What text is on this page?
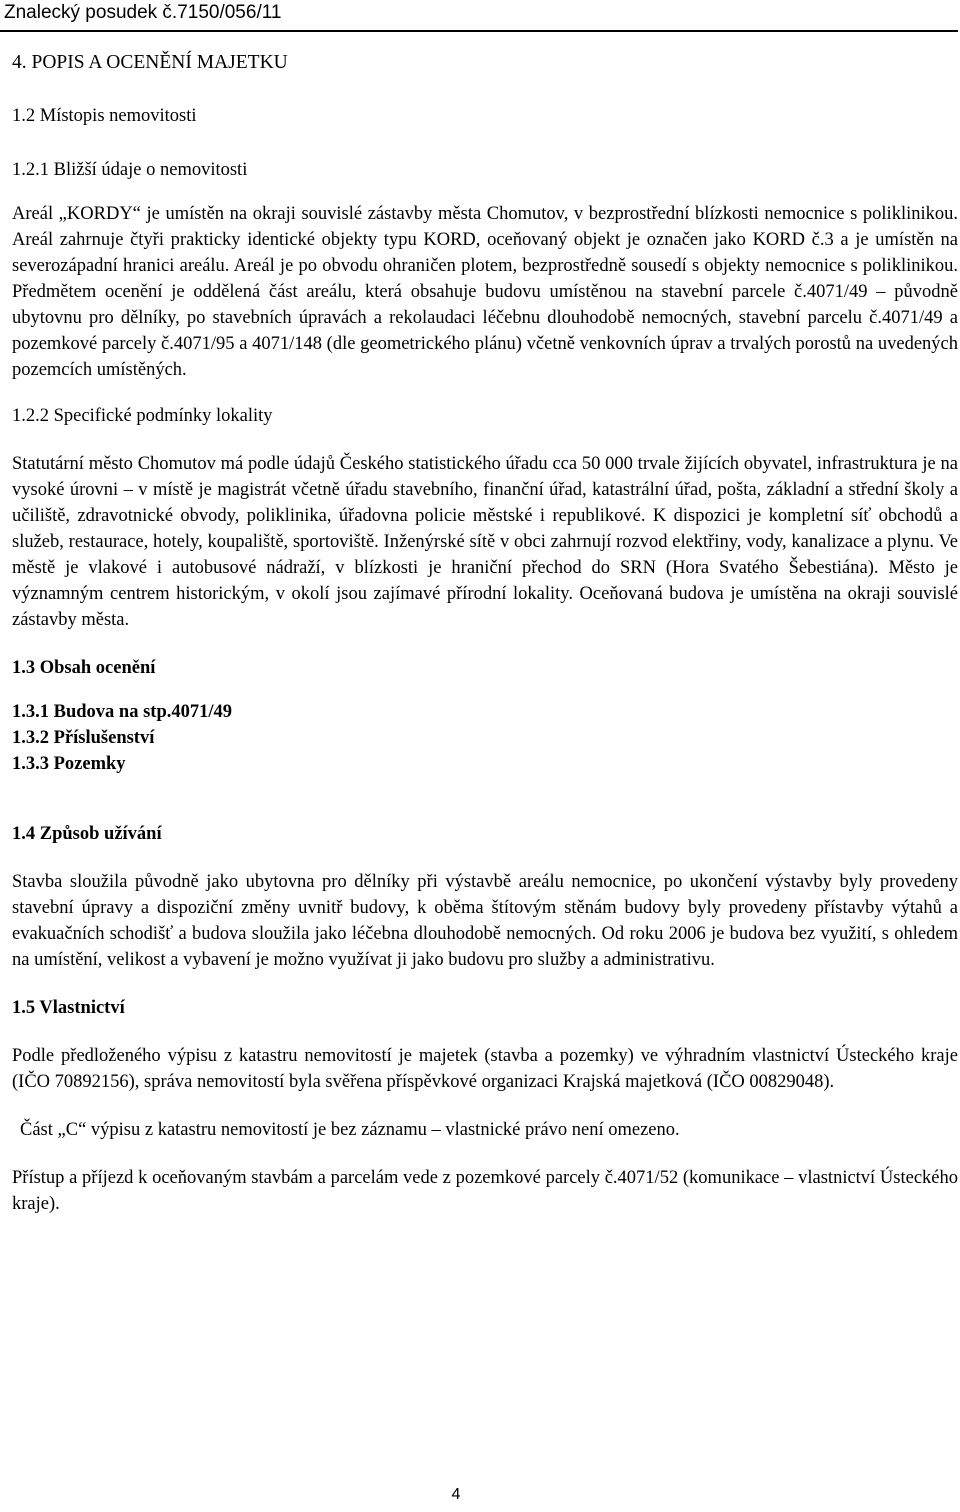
Znalecký posudek č.7150/056/11
4. POPIS A OCENĚNÍ MAJETKU
1.2 Místopis nemovitosti
1.2.1 Bližší údaje o nemovitosti

Areál „KORDY“ je umístěn na okraji souvislé zástavby města Chomutov, v bezprostřední blízkosti nemocnice s poliklinikou. Areál zahrnuje čtyři prakticky identické objekty typu KORD, oceňovaný objekt je označen jako KORD č.3 a je umístěn na severozápadní hranici areálu. Areál je po obvodu ohraničen plotem, bezprostředně sousedí s objekty nemocnice s poliklinikou. Předmětem ocenění je oddělená část areálu, která obsahuje budovu umístěnou na stavební parcele č.4071/49 – původně ubytovnu pro dělníky, po stavebních úpravách a rekolaudaci léčebnu dlouhodobě nemocných, stavební parcelu č.4071/49 a pozemkové parcely č.4071/95 a 4071/148 (dle geometrického plánu) včetně venkovních úprav a trvalých porostů na uvedených pozemcích umístěných.

1.2.2 Specifické podmínky lokality

Statutární město Chomutov má podle údajů Českého statistického úřadu cca 50 000 trvale žijících obyvatel, infrastruktura je na vysoké úrovni – v místě je magistrát včetně úřadu stavebního, finanční úřad, katastrální úřad, pošta, základní a střední školy a učiliště, zdravotnické obvody, poliklinika, úřadovna policie městské i republikové. K dispozici je kompletní síť obchodů a služeb, restaurace, hotely, koupaliště, sportoviště. Inženýrské sítě v obci zahrnují rozvod elektřiny, vody, kanalizace a plynu. Ve městě je vlakové i autobusové nádraží, v blízkosti je hraniční přechod do SRN (Hora Svatého Šebestiána). Město je významným centrem historickým, v okolí jsou zajímavé přírodní lokality. Oceňovaná budova je umístěna na okraji souvislé zástavby města.

1.3 Obsah ocenění
1.3.1 Budova na stp.4071/49
1.3.2 Příslušenství
1.3.3 Pozemky
1.4 Způsob užívání

Stavba sloužila původně jako ubytovna pro dělníky při výstavbě areálu nemocnice, po ukončení výstavby byly provedeny stavební úpravy a dispoziční změny uvnitř budovy, k oběma štítovým stěnám budovy byly provedeny přístavby výtahů a evakuačních schodišť a budova sloužila jako léčebna dlouhodobě nemocných. Od roku 2006 je budova bez využití, s ohledem na umístění, velikost a vybavení je možno využívat ji jako budovu pro služby a administrativu.

1.5 Vlastnictví

Podle předloženého výpisu z katastru nemovitostí je majetek (stavba a pozemky) ve výhradním vlastnictví Ústeckého kraje (IČO 70892156), správa nemovitostí byla svěřena příspěvkové organizaci Krajská majetková (IČO 00829048).

Část „C“ výpisu z katastru nemovitostí je bez záznamu – vlastnické právo není omezeno.

Přístup a příjezd k oceňovaným stavbám a parcelám vede z pozemkové parcely č.4071/52 (komunikace – vlastnictví Ústeckého kraje).

4
